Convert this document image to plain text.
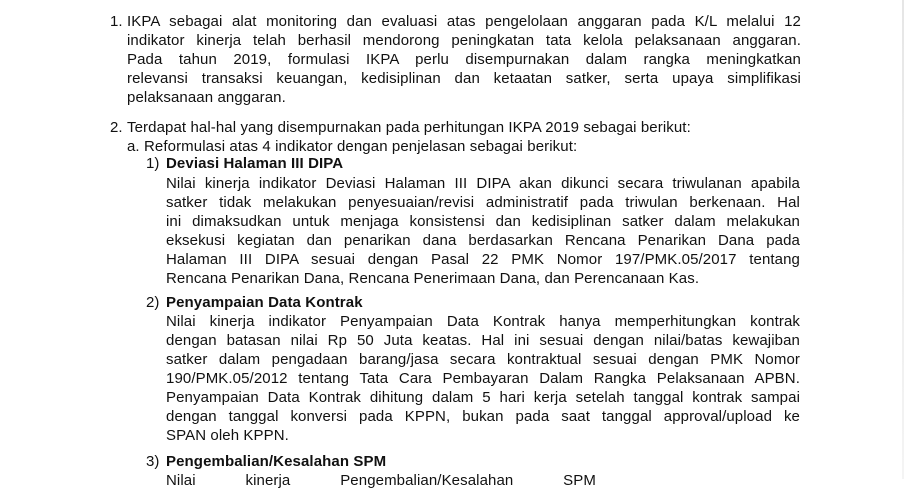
1. IKPA sebagai alat monitoring dan evaluasi atas pengelolaan anggaran pada K/L melalui 12
indikator kinerja telah berhasil mendorong peningkatan tata kelola pelaksanaan anggaran.
Pada tahun 2019, formulasi IKPA perlu disempurnakan dalam rangka meningkatkan
relevansi transaksi keuangan, kedisiplinan dan ketaatan satker, serta upaya simplifikasi
pelaksanaan anggaran.
2. Terdapat hal-hal yang disempurnakan pada perhitungan IKPA 2019 sebagai berikut:
a. Reformulasi atas 4 indikator dengan penjelasan sebagai berikut:
1) Deviasi Halaman III DIPA
Nilai kinerja indikator Deviasi Halaman III DIPA akan dikunci secara triwulanan apabila
satker tidak melakukan penyesuaian/revisi administratif pada triwulan berkenaan. Hal
ini dimaksudkan untuk menjaga konsistensi dan kedisiplinan satker dalam melakukan
eksekusi kegiatan dan penarikan dana berdasarkan Rencana Penarikan Dana pada
Halaman III DIPA sesuai dengan Pasal 22 PMK Nomor 197/PMK.05/2017 tentang
Rencana Penarikan Dana, Rencana Penerimaan Dana, dan Perencanaan Kas.
2) Penyampaian Data Kontrak
Nilai kinerja indikator Penyampaian Data Kontrak hanya memperhitungkan kontrak
dengan batasan nilai Rp 50 Juta keatas. Hal ini sesuai dengan nilai/batas kewajiban
satker dalam pengadaan barang/jasa secara kontraktual sesuai dengan PMK Nomor
190/PMK.05/2012 tentang Tata Cara Pembayaran Dalam Rangka Pelaksanaan APBN.
Penyampaian Data Kontrak dihitung dalam 5 hari kerja setelah tanggal kontrak sampai
dengan tanggal konversi pada KPPN, bukan pada saat tanggal approval/upload ke
SPAN oleh KPPN.
3) Pengembalian/Kesalahan SPM
Nilai kinerja Pengembalian/Kesalahan SPM
